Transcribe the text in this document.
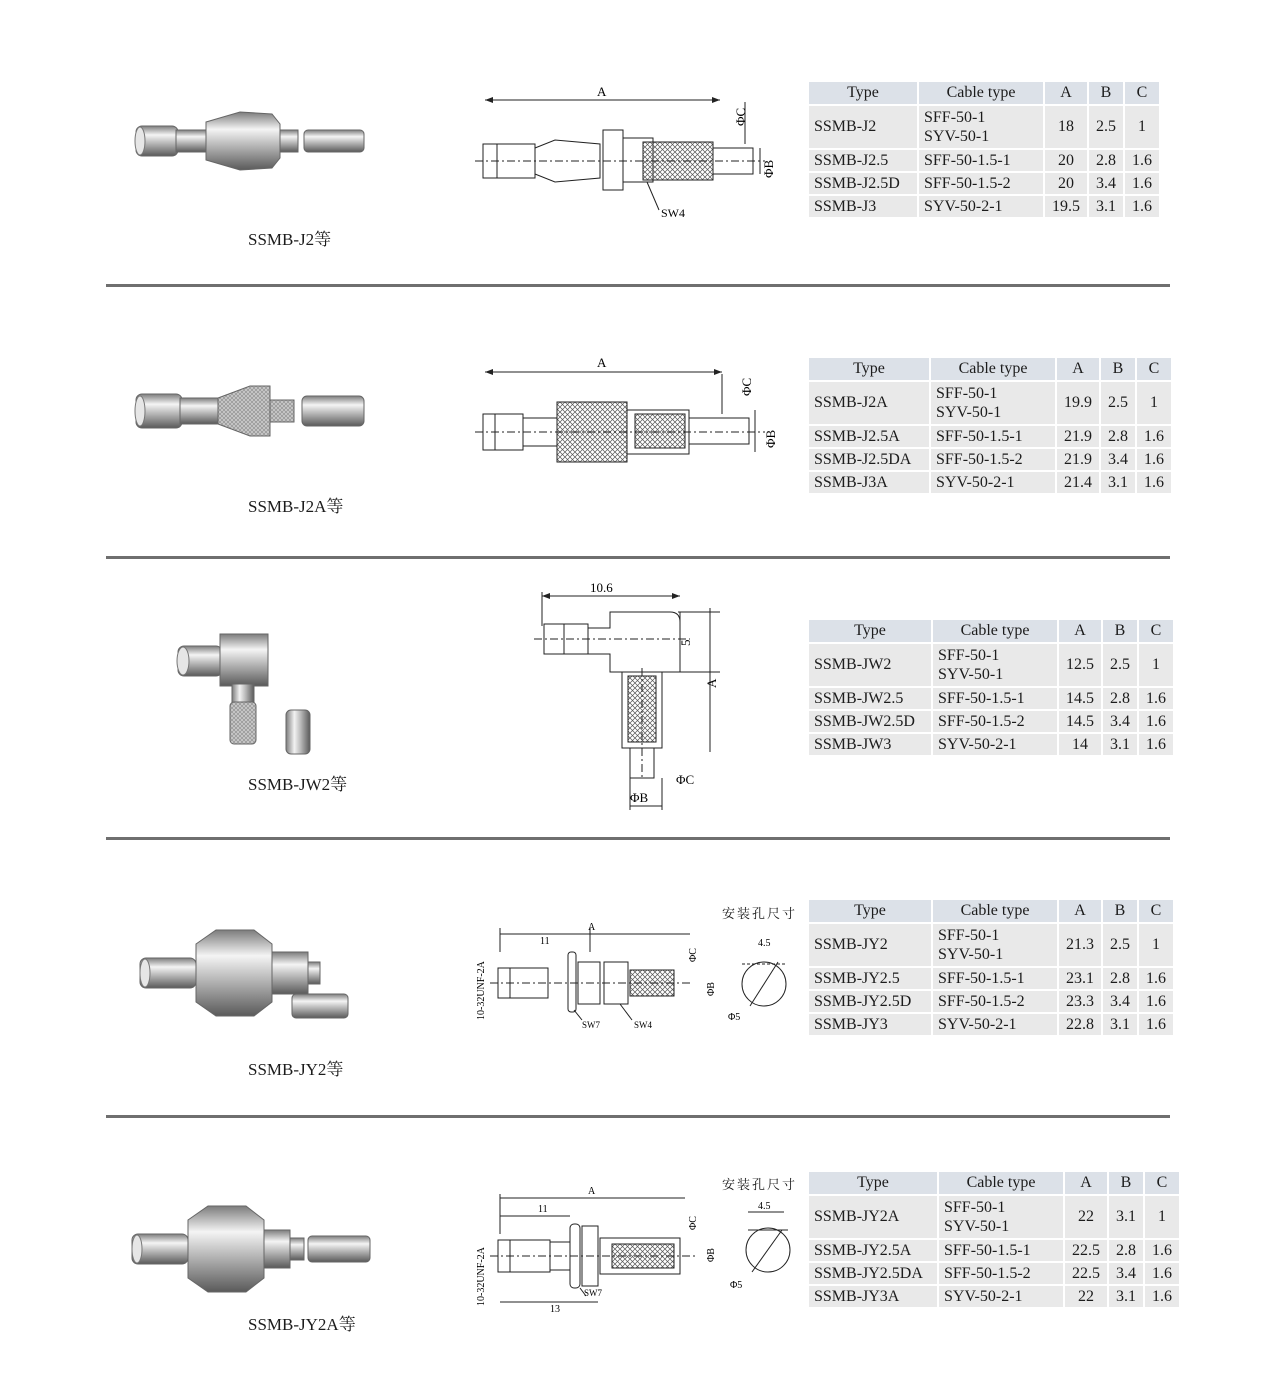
SSMB-J2等
A
ΦC
ΦB
SW4
Type	Cable type	A	B	C
SSMB-J2	SFF-50-1
SYV-50-1	18	2.5	1
SSMB-J2.5	SFF-50-1.5-1	20	2.8	1.6
SSMB-J2.5D	SFF-50-1.5-2	20	3.4	1.6
SSMB-J3	SYV-50-2-1	19.5	3.1	1.6
SSMB-J2A等
A
ΦC
ΦB
Type	Cable type	A	B	C
SSMB-J2A	SFF-50-1
SYV-50-1	19.9	2.5	1
SSMB-J2.5A	SFF-50-1.5-1	21.9	2.8	1.6
SSMB-J2.5DA	SFF-50-1.5-2	21.9	3.4	1.6
SSMB-J3A	SYV-50-2-1	21.4	3.1	1.6
SSMB-JW2等
10.6
5
A
ΦB
ΦC
Type	Cable type	A	B	C
SSMB-JW2	SFF-50-1
SYV-50-1	12.5	2.5	1
SSMB-JW2.5	SFF-50-1.5-1	14.5	2.8	1.6
SSMB-JW2.5D	SFF-50-1.5-2	14.5	3.4	1.6
SSMB-JW3	SYV-50-2-1	14	3.1	1.6
SSMB-JY2等
A
11
10-32UNF-2A
ΦC
ΦB
SW7	SW4
安装孔尺寸
4.5
Φ5
Type	Cable type	A	B	C
SSMB-JY2	SFF-50-1
SYV-50-1	21.3	2.5	1
SSMB-JY2.5	SFF-50-1.5-1	23.1	2.8	1.6
SSMB-JY2.5D	SFF-50-1.5-2	23.3	3.4	1.6
SSMB-JY3	SYV-50-2-1	22.8	3.1	1.6
SSMB-JY2A等
A
11
10-32UNF-2A
13
SW7
ΦC
ΦB
安装孔尺寸
4.5
Φ5
Type	Cable type	A	B	C
SSMB-JY2A	SFF-50-1
SYV-50-1	22	3.1	1
SSMB-JY2.5A	SFF-50-1.5-1	22.5	2.8	1.6
SSMB-JY2.5DA	SFF-50-1.5-2	22.5	3.4	1.6
SSMB-JY3A	SYV-50-2-1	22	3.1	1.6
